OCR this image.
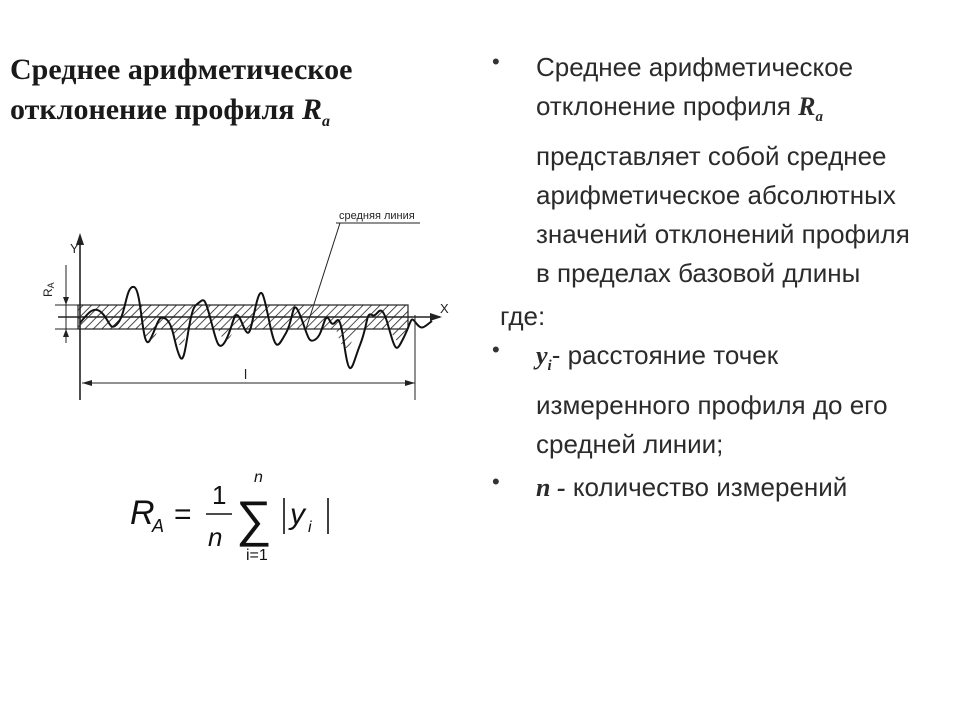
Среднее арифметическое отклонение профиля $R_a$
Y
X
RA
средняя линия
l
R
A =
1
n
n
∑
i=1
y i
• Среднее арифметическое отклонение профиля $R_a$ представляет собой среднее арифметическое абсолютных значений отклонений профиля в пределах базовой длины
где:
• $y_i-$ расстояние точек измеренного профиля до его средней линии;
• n - количество измерений
